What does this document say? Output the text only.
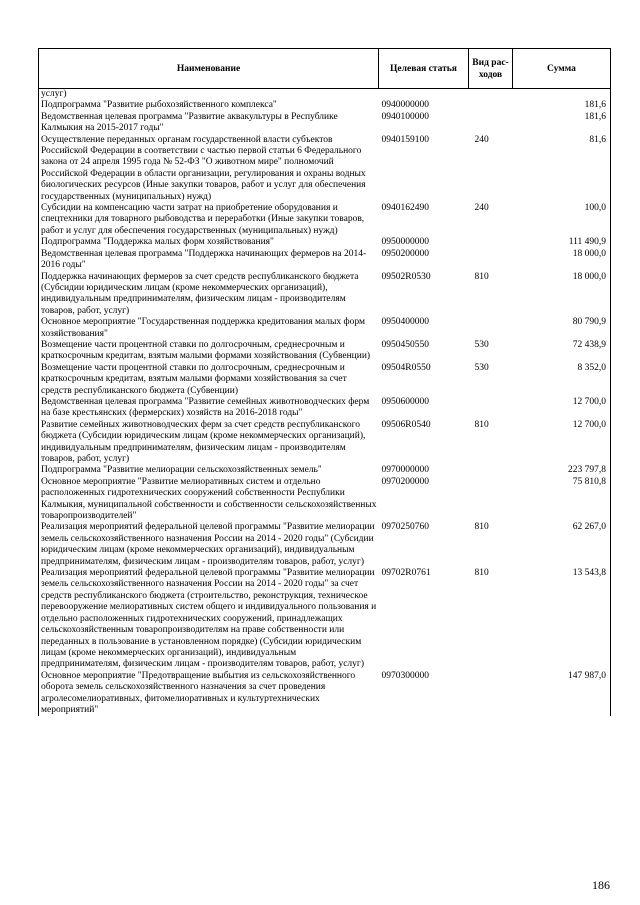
Наименование	Целевая статья	Вид рас-ходов	Сумма
услуг)			
Подпрограмма "Развитие рыбохозяйственного комплекса"	0940000000		181,6
Ведомственная целевая программа "Развитие аквакультуры в Республике Калмыкия на 2015-2017 годы"	0940100000		181,6
Осуществление переданных органам государственной власти субъектов Российской Федерации в соответствии с частью первой статьи 6 Федерального закона от 24 апреля 1995 года № 52-ФЗ "О животном мире" полномочий Российской Федерации в области организации, регулирования и охраны водных биологических ресурсов (Иные закупки товаров, работ и услуг для обеспечения государственных (муниципальных) нужд)	0940159100	240	81,6
Субсидии на компенсацию части затрат на приобретение оборудования и спецтехники для товарного рыбоводства и переработки (Иные закупки товаров, работ и услуг для обеспечения государственных (муниципальных) нужд)	0940162490	240	100,0
Подпрограмма "Поддержка малых форм хозяйствования"	0950000000		111 490,9
Ведомственная целевая программа "Поддержка начинающих фермеров на 2014-2016 годы"	0950200000		18 000,0
Поддержка начинающих фермеров за счет средств республиканского бюджета (Субсидии юридическим лицам (кроме некоммерческих организаций), индивидуальным предпринимателям, физическим лицам - производителям товаров, работ, услуг)	09502R0530	810	18 000,0
Основное мероприятие "Государственная поддержка кредитования малых форм хозяйствования"	0950400000		80 790,9
Возмещение части процентной ставки по долгосрочным, среднесрочным и краткосрочным кредитам, взятым малыми формами хозяйствования (Субвенции)	0950450550	530	72 438,9
Возмещение части процентной ставки по долгосрочным, среднесрочным и краткосрочным кредитам, взятым малыми формами хозяйствования за счет средств республиканского бюджета (Субвенции)	09504R0550	530	8 352,0
Ведомственная целевая программа "Развитие семейных животноводческих ферм на базе крестьянских (фермерских) хозяйств на 2016-2018 годы"	0950600000		12 700,0
Развитие семейных животноводческих ферм за счет средств республиканского бюджета (Субсидии юридическим лицам (кроме некоммерческих организаций), индивидуальным предпринимателям, физическим лицам - производителям товаров, работ, услуг)	09506R0540	810	12 700,0
Подпрограмма "Развитие мелиорации сельскохозяйственных земель"	0970000000		223 797,8
Основное мероприятие "Развитие мелиоративных систем и отдельно расположенных гидротехнических сооружений собственности Республики Калмыкия, муниципальной собственности и собственности сельскохозяйственных товаропроизводителей"	0970200000		75 810,8
Реализация мероприятий федеральной целевой программы "Развитие мелиорации земель сельскохозяйственного назначения России на 2014 - 2020 годы" (Субсидии юридическим лицам (кроме некоммерческих организаций), индивидуальным предпринимателям, физическим лицам - производителям товаров, работ, услуг)	0970250760	810	62 267,0
Реализация мероприятий федеральной целевой программы "Развитие мелиорации земель сельскохозяйственного назначения России на 2014 - 2020 годы" за счет средств республиканского бюджета (строительство, реконструкция, техническое перевооружение мелиоративных систем общего и индивидуального пользования и отдельно расположенных гидротехнических сооружений, принадлежащих сельскохозяйственным товаропроизводителям на праве собственности или переданных в пользование в установленном порядке) (Субсидии юридическим лицам (кроме некоммерческих организаций), индивидуальным предпринимателям, физическим лицам - производителям товаров, работ, услуг)	09702R0761	810	13 543,8
Основное мероприятие "Предотвращение выбытия из сельскохозяйственного оборота земель сельскохозяйственного назначения за счет проведения агролесомелиоративных, фитомелиоративных и культуртехнических мероприятий"	0970300000		147 987,0
186
